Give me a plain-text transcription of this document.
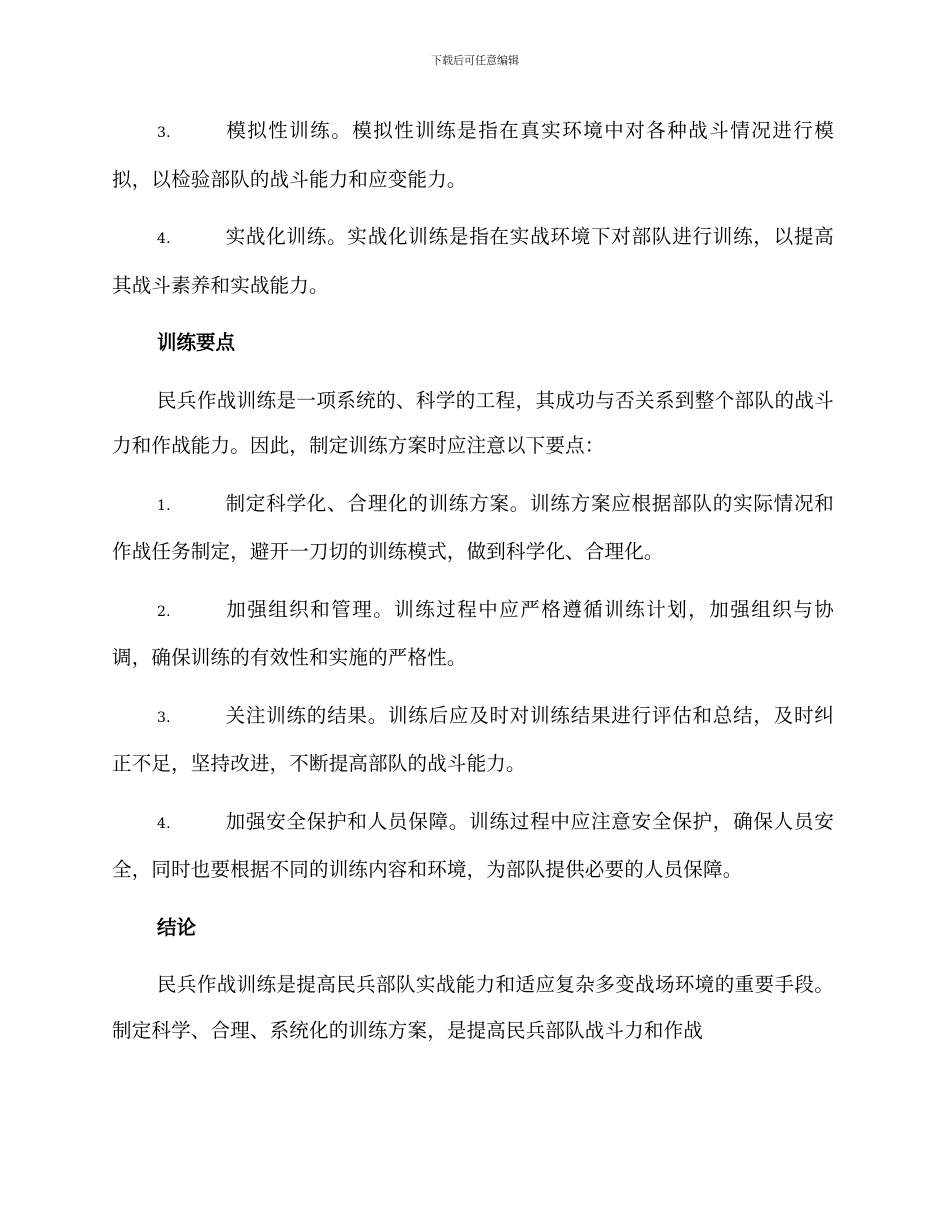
下载后可任意编辑

3.	模拟性训练。模拟性训练是指在真实环境中对各种战斗情况进行模拟，以检验部队的战斗能力和应变能力。

4.	实战化训练。实战化训练是指在实战环境下对部队进行训练，以提高其战斗素养和实战能力。

训练要点

民兵作战训练是一项系统的、科学的工程，其成功与否关系到整个部队的战斗力和作战能力。因此，制定训练方案时应注意以下要点：

1.	制定科学化、合理化的训练方案。训练方案应根据部队的实际情况和作战任务制定，避开一刀切的训练模式，做到科学化、合理化。

2.	加强组织和管理。训练过程中应严格遵循训练计划，加强组织与协调，确保训练的有效性和实施的严格性。

3.	关注训练的结果。训练后应及时对训练结果进行评估和总结，及时纠正不足，坚持改进，不断提高部队的战斗能力。

4.	加强安全保护和人员保障。训练过程中应注意安全保护，确保人员安全，同时也要根据不同的训练内容和环境，为部队提供必要的人员保障。

结论

民兵作战训练是提高民兵部队实战能力和适应复杂多变战场环境的重要手段。制定科学、合理、系统化的训练方案，是提高民兵部队战斗力和作战
